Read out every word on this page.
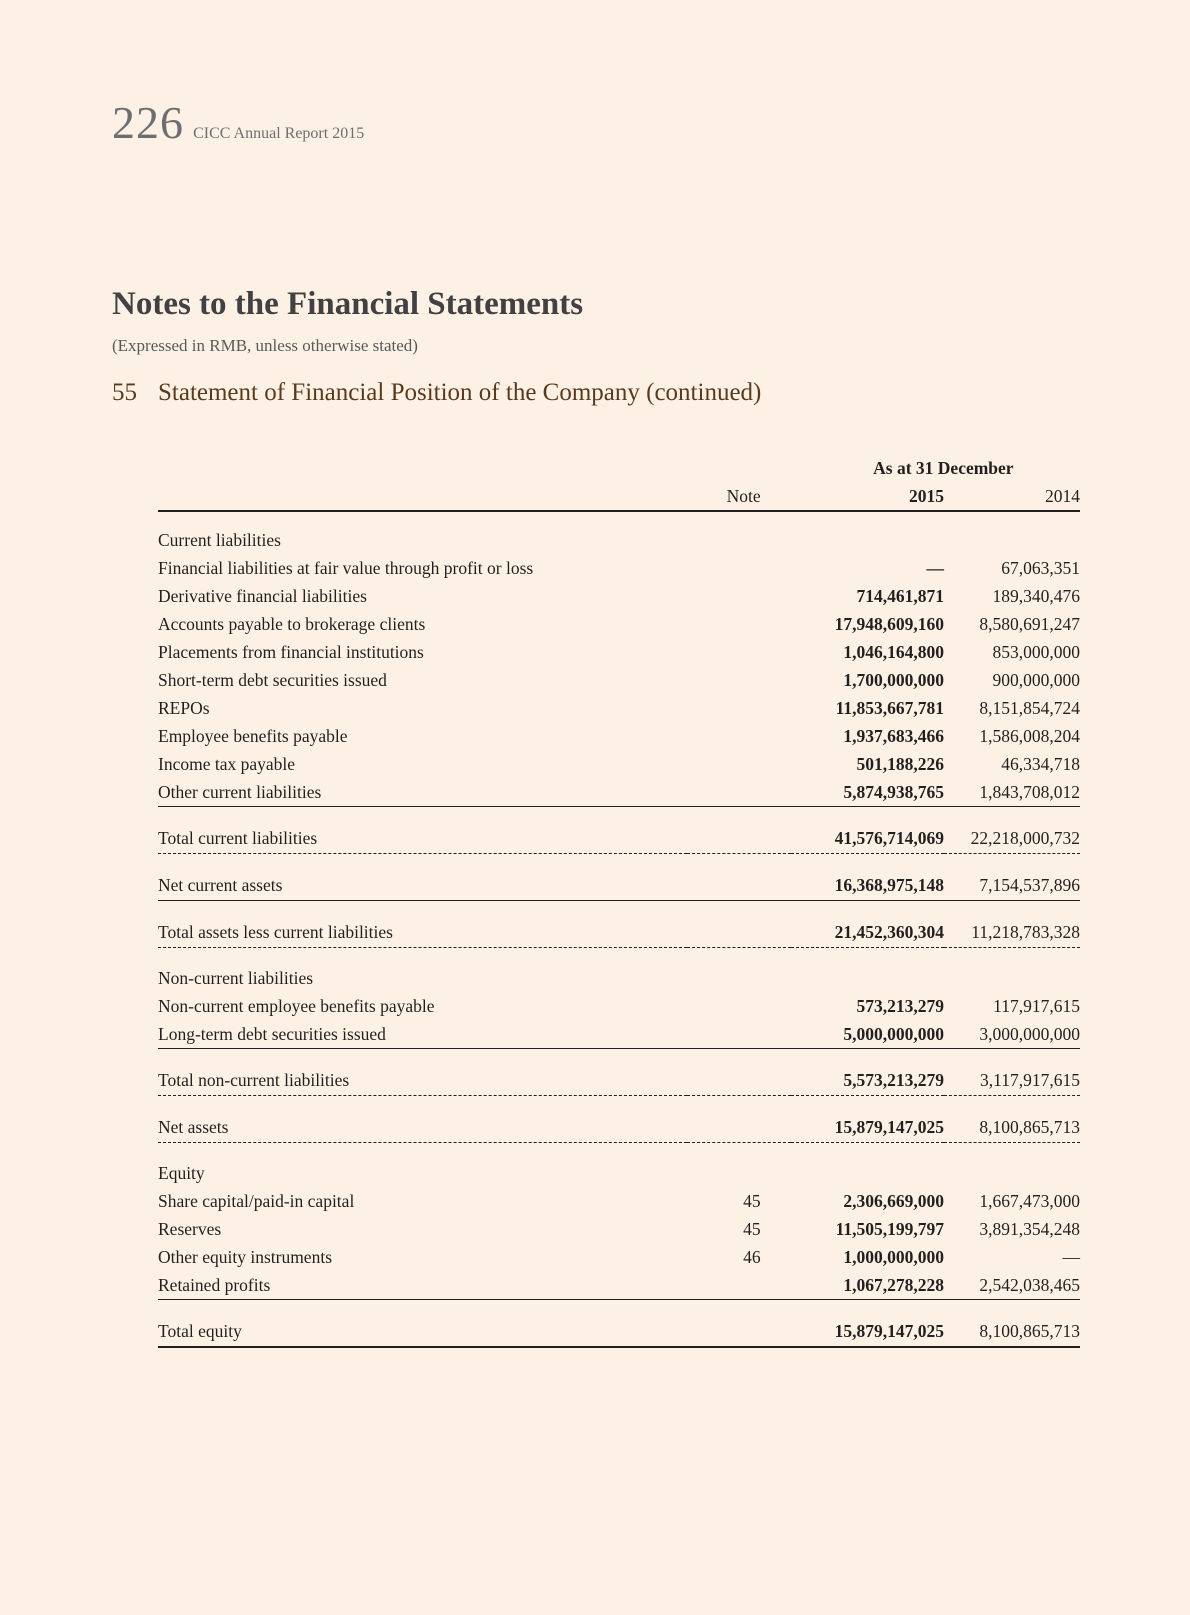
226 CICC Annual Report 2015
Notes to the Financial Statements
(Expressed in RMB, unless otherwise stated)
55 Statement of Financial Position of the Company (continued)
	As at 31 December		
	Note	2015	2014

Current liabilities			
Financial liabilities at fair value through profit or loss		—	67,063,351
Derivative financial liabilities		714,461,871	189,340,476
Accounts payable to brokerage clients		17,948,609,160	8,580,691,247
Placements from financial institutions		1,046,164,800	853,000,000
Short-term debt securities issued		1,700,000,000	900,000,000
REPOs		11,853,667,781	8,151,854,724
Employee benefits payable		1,937,683,466	1,586,008,204
Income tax payable		501,188,226	46,334,718
Other current liabilities		5,874,938,765	1,843,708,012

Total current liabilities		41,576,714,069	22,218,000,732

Net current assets		16,368,975,148	7,154,537,896

Total assets less current liabilities		21,452,360,304	11,218,783,328

Non-current liabilities			
Non-current employee benefits payable		573,213,279	117,917,615
Long-term debt securities issued		5,000,000,000	3,000,000,000

Total non-current liabilities		5,573,213,279	3,117,917,615

Net assets		15,879,147,025	8,100,865,713

Equity			
Share capital/paid-in capital	45	2,306,669,000	1,667,473,000
Reserves	45	11,505,199,797	3,891,354,248
Other equity instruments	46	1,000,000,000	—
Retained profits		1,067,278,228	2,542,038,465

Total equity		15,879,147,025	8,100,865,713
